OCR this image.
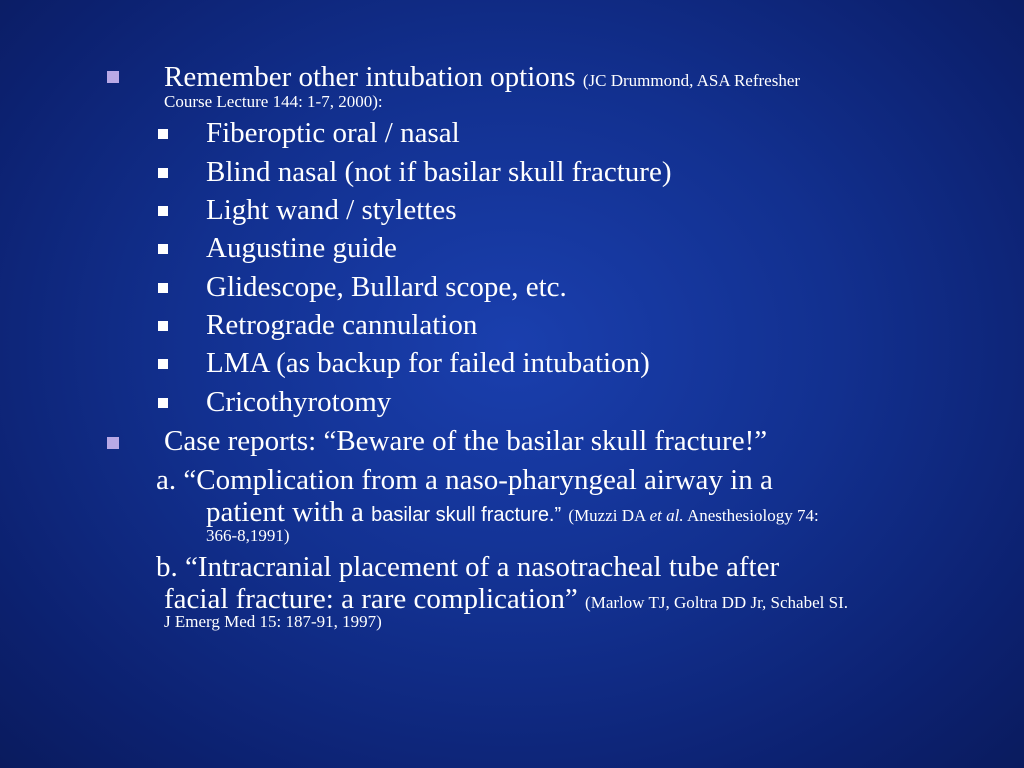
Remember other intubation options (JC Drummond, ASA Refresher
Course Lecture 144: 1-7, 2000):
Fiberoptic oral / nasal
Blind nasal (not if basilar skull fracture)
Light wand / stylettes
Augustine guide
Glidescope, Bullard scope, etc.
Retrograde cannulation
LMA (as backup for failed intubation)
Cricothyrotomy
Case reports: “Beware of the basilar skull fracture!”
a. “Complication from a naso-pharyngeal airway in a
patient with a basilar skull fracture.” (Muzzi DA et al. Anesthesiology 74:
366-8,1991)
b. “Intracranial placement of a nasotracheal tube after
facial fracture: a rare complication” (Marlow TJ, Goltra DD Jr, Schabel SI.
J Emerg Med 15: 187-91, 1997)
